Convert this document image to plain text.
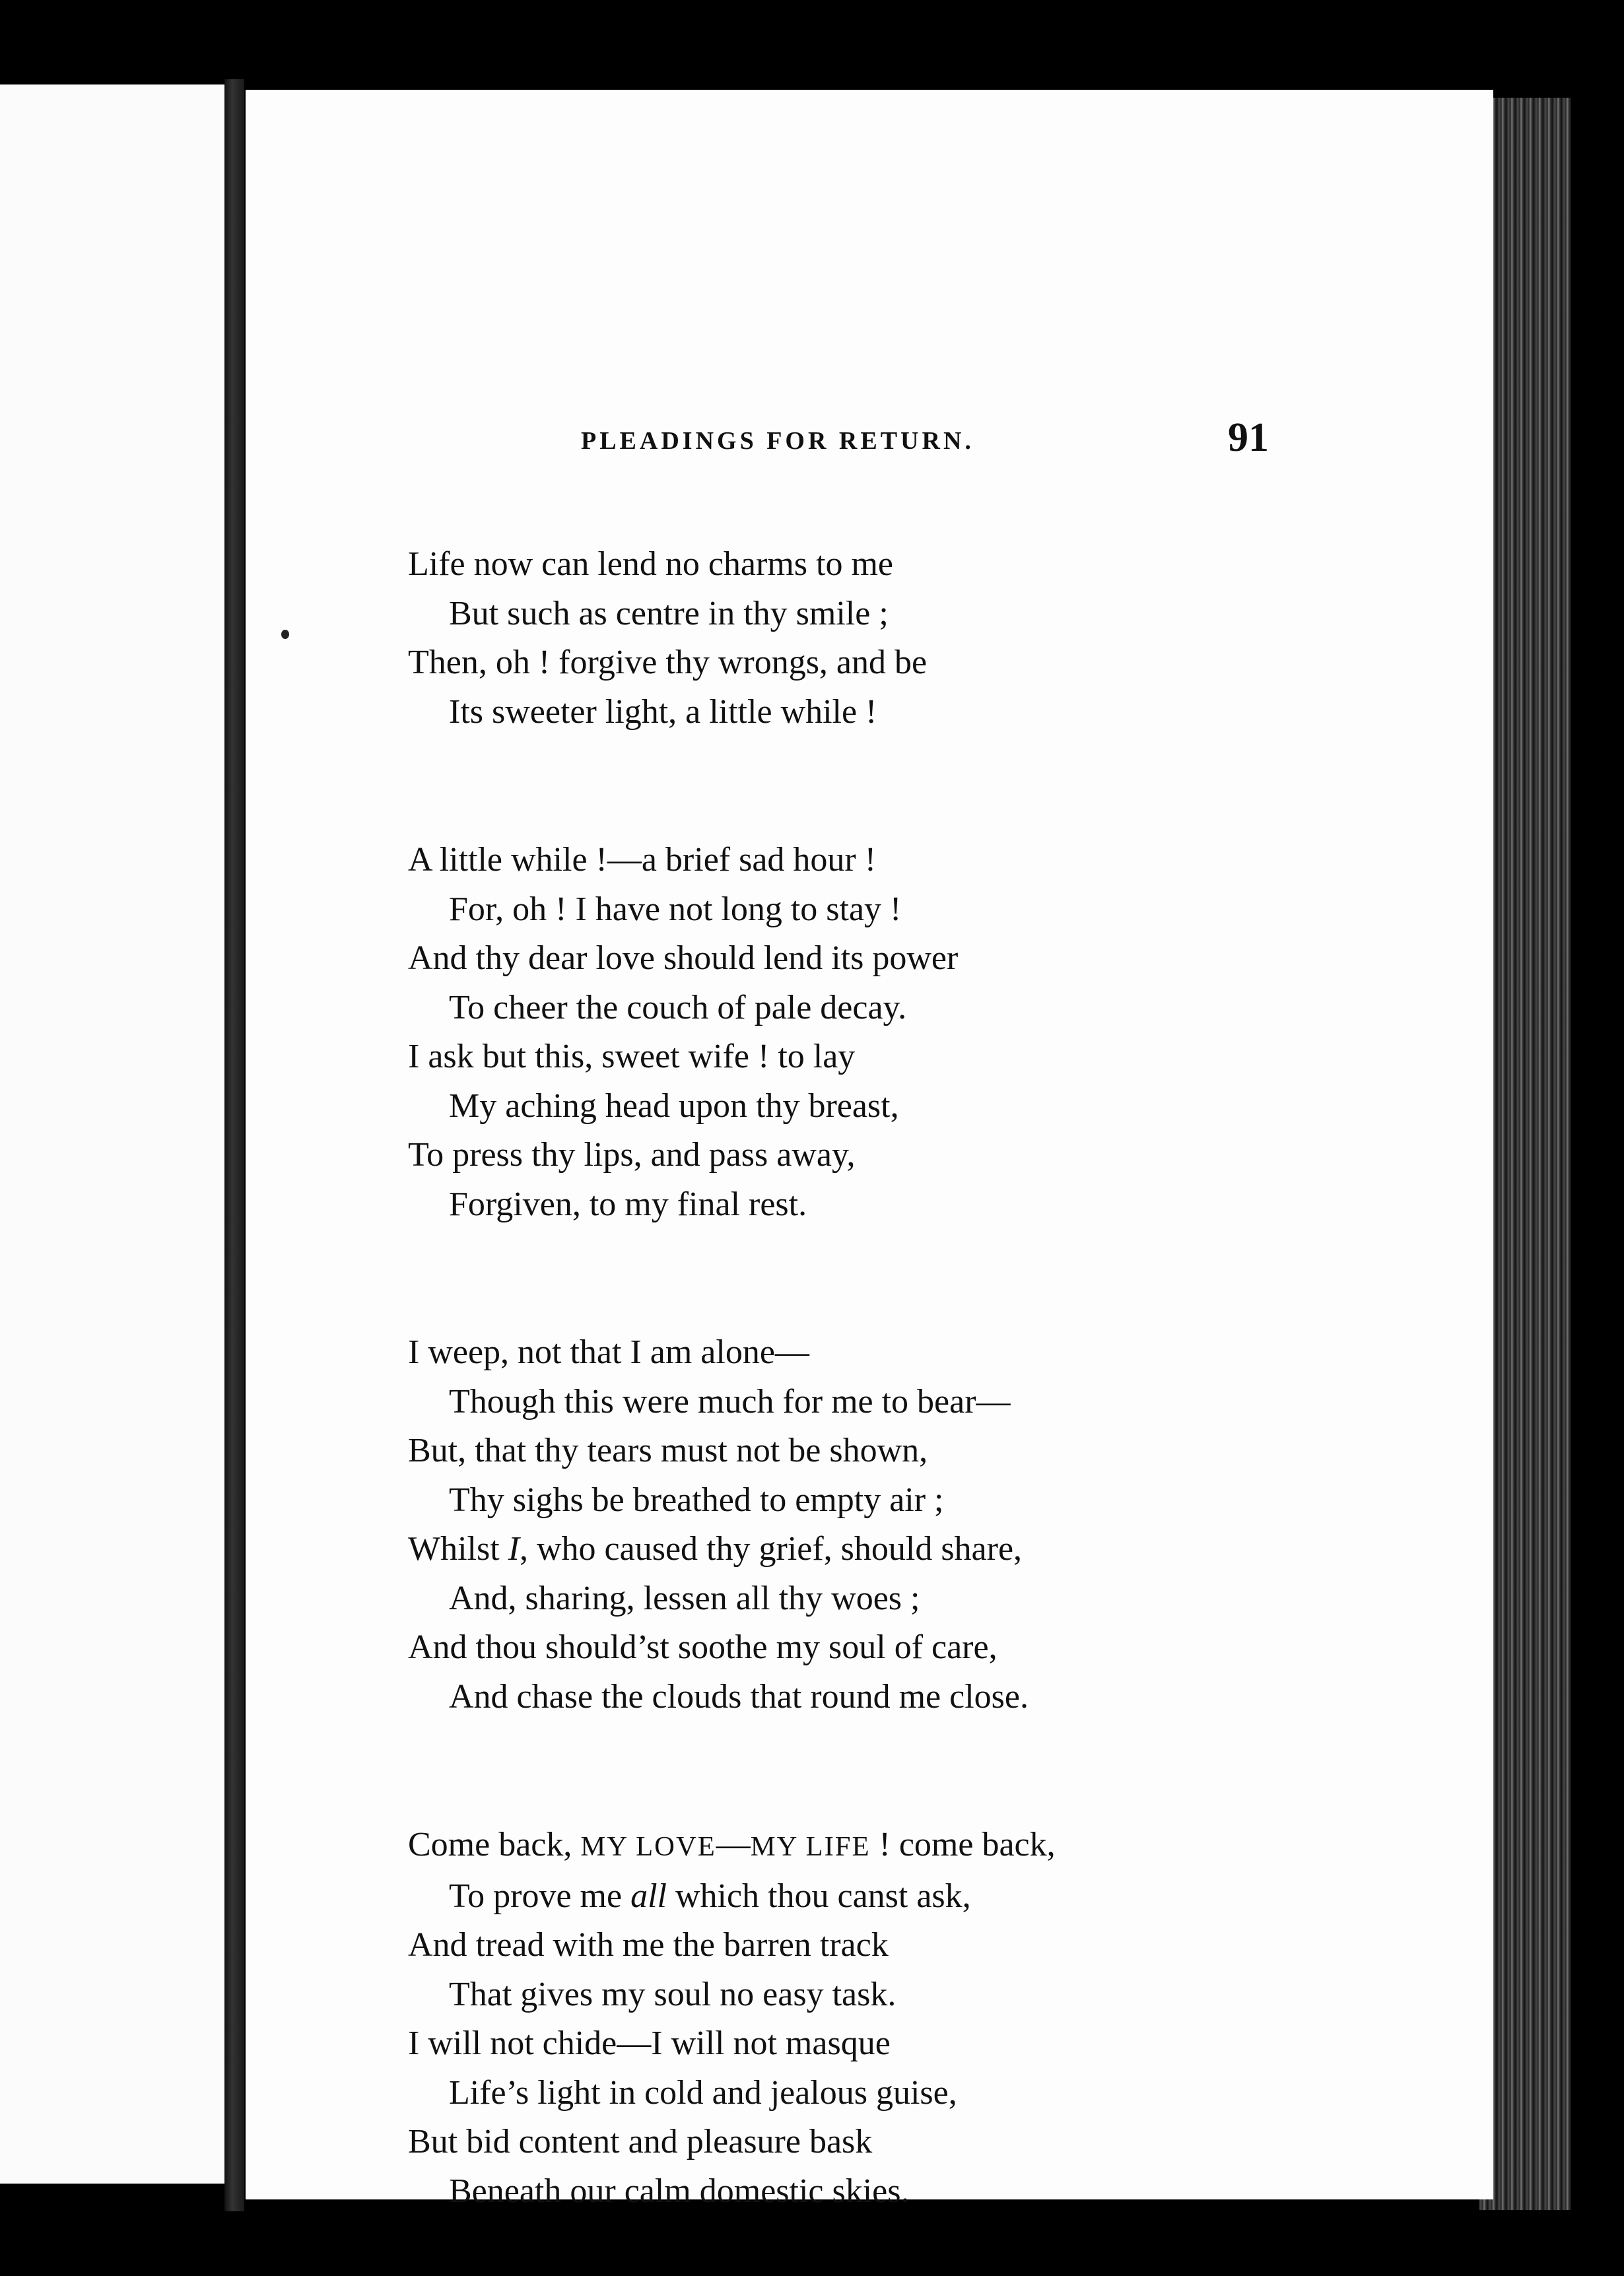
PLEADINGS FOR RETURN.	91
Life now can lend no charms to me
But such as centre in thy smile ;
Then, oh ! forgive thy wrongs, and be
Its sweeter light, a little while !
A little while !—a brief sad hour !
For, oh ! I have not long to stay !
And thy dear love should lend its power
To cheer the couch of pale decay.
I ask but this, sweet wife ! to lay
My aching head upon thy breast,
To press thy lips, and pass away,
Forgiven, to my final rest.
I weep, not that I am alone—
Though this were much for me to bear—
But, that thy tears must not be shown,
Thy sighs be breathed to empty air ;
Whilst I, who caused thy grief, should share,
And, sharing, lessen all thy woes ;
And thou should’st soothe my soul of care,
And chase the clouds that round me close.
Come back, MY LOVE—MY LIFE ! come back,
To prove me all which thou canst ask,
And tread with me the barren track
That gives my soul no easy task.
I will not chide—I will not masque
Life’s light in cold and jealous guise,
But bid content and pleasure bask
Beneath our calm domestic skies.
